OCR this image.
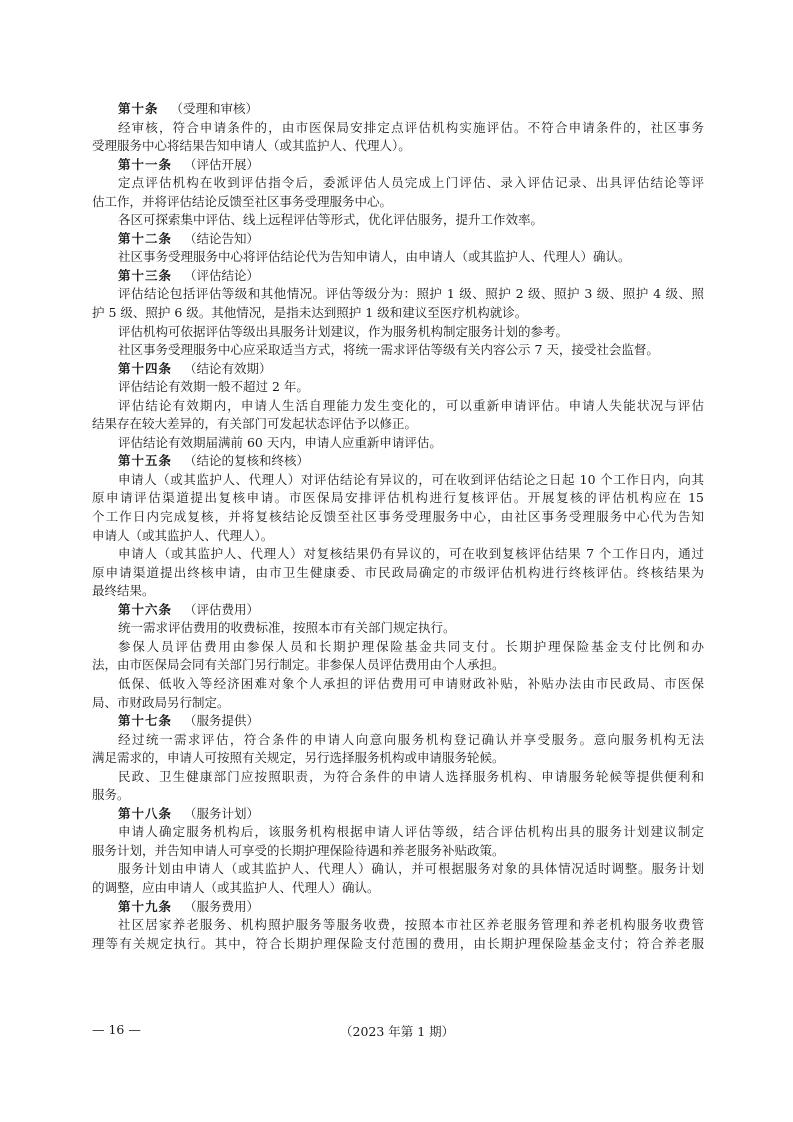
第十条 （受理和审核）
经审核，符合申请条件的，由市医保局安排定点评估机构实施评估。不符合申请条件的，社区事务
受理服务中心将结果告知申请人（或其监护人、代理人）。
第十一条 （评估开展）
定点评估机构在收到评估指令后，委派评估人员完成上门评估、录入评估记录、出具评估结论等评
估工作，并将评估结论反馈至社区事务受理服务中心。
各区可探索集中评估、线上远程评估等形式，优化评估服务，提升工作效率。
第十二条 （结论告知）
社区事务受理服务中心将评估结论代为告知申请人，由申请人（或其监护人、代理人）确认。
第十三条 （评估结论）
评估结论包括评估等级和其他情况。评估等级分为：照护 1 级、照护 2 级、照护 3 级、照护 4 级、照
护 5 级、照护 6 级。其他情况，是指未达到照护 1 级和建议至医疗机构就诊。
评估机构可依据评估等级出具服务计划建议，作为服务机构制定服务计划的参考。
社区事务受理服务中心应采取适当方式，将统一需求评估等级有关内容公示 7 天，接受社会监督。
第十四条 （结论有效期）
评估结论有效期一般不超过 2 年。
评估结论有效期内，申请人生活自理能力发生变化的，可以重新申请评估。申请人失能状况与评估
结果存在较大差异的，有关部门可发起状态评估予以修正。
评估结论有效期届满前 60 天内，申请人应重新申请评估。
第十五条 （结论的复核和终核）
申请人（或其监护人、代理人）对评估结论有异议的，可在收到评估结论之日起 10 个工作日内，向其
原申请评估渠道提出复核申请。市医保局安排评估机构进行复核评估。开展复核的评估机构应在 15
个工作日内完成复核，并将复核结论反馈至社区事务受理服务中心，由社区事务受理服务中心代为告知
申请人（或其监护人、代理人）。
申请人（或其监护人、代理人）对复核结果仍有异议的，可在收到复核评估结果 7 个工作日内，通过
原申请渠道提出终核申请，由市卫生健康委、市民政局确定的市级评估机构进行终核评估。终核结果为
最终结果。
第十六条 （评估费用）
统一需求评估费用的收费标准，按照本市有关部门规定执行。
参保人员评估费用由参保人员和长期护理保险基金共同支付。长期护理保险基金支付比例和办
法，由市医保局会同有关部门另行制定。非参保人员评估费用由个人承担。
低保、低收入等经济困难对象个人承担的评估费用可申请财政补贴，补贴办法由市民政局、市医保
局、市财政局另行制定。
第十七条 （服务提供）
经过统一需求评估，符合条件的申请人向意向服务机构登记确认并享受服务。意向服务机构无法
满足需求的，申请人可按照有关规定，另行选择服务机构或申请服务轮候。
民政、卫生健康部门应按照职责，为符合条件的申请人选择服务机构、申请服务轮候等提供便利和
服务。
第十八条 （服务计划）
申请人确定服务机构后，该服务机构根据申请人评估等级，结合评估机构出具的服务计划建议制定
服务计划，并告知申请人可享受的长期护理保险待遇和养老服务补贴政策。
服务计划由申请人（或其监护人、代理人）确认，并可根据服务对象的具体情况适时调整。服务计划
的调整，应由申请人（或其监护人、代理人）确认。
第十九条 （服务费用）
社区居家养老服务、机构照护服务等服务收费，按照本市社区养老服务管理和养老机构服务收费管
理等有关规定执行。其中，符合长期护理保险支付范围的费用，由长期护理保险基金支付；符合养老服
— 16 —	（2023 年第 1 期）
